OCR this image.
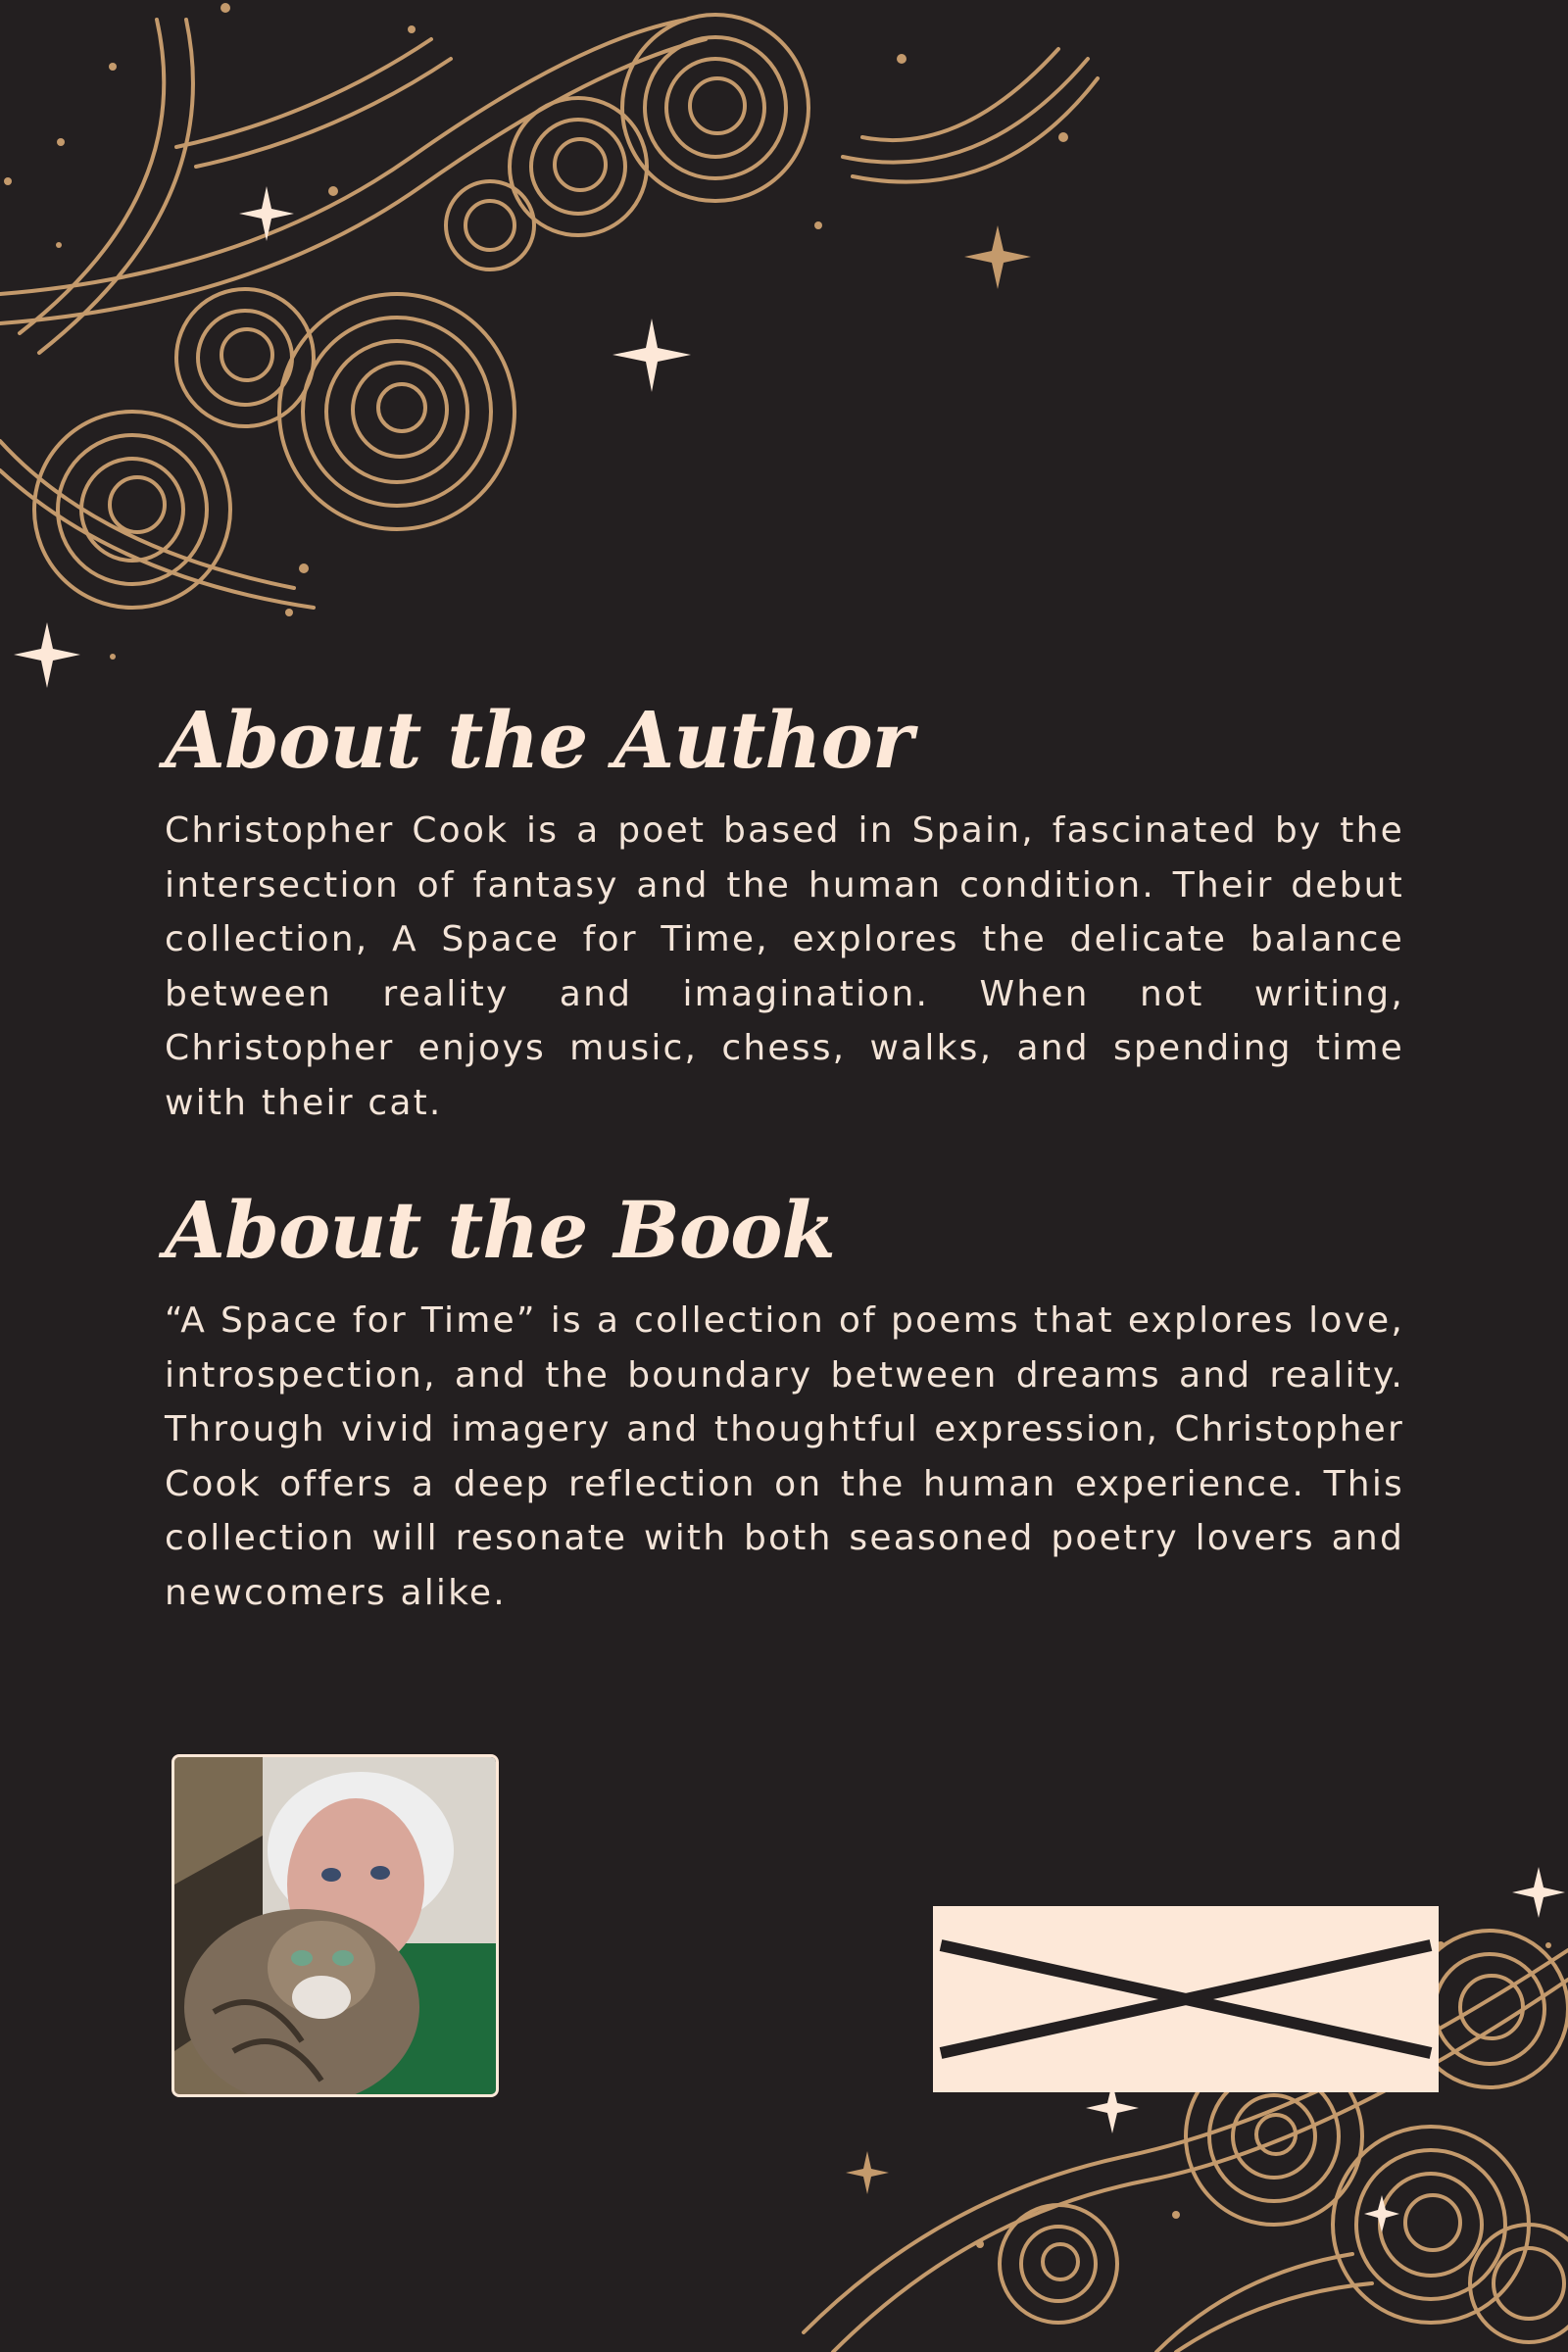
About the Author

Christopher Cook is a poet based in Spain, fascinated by the intersection of fantasy and the human condition. Their debut collection, A Space for Time, explores the delicate balance between reality and imagination. When not writing, Christopher enjoys music, chess, walks, and spending time with their cat.

About the Book

“A Space for Time” is a collection of poems that explores love, introspection, and the boundary between dreams and reality. Through vivid imagery and thoughtful expression, Christopher Cook offers a deep reflection on the human experience. This collection will resonate with both seasoned poetry lovers and newcomers alike.
